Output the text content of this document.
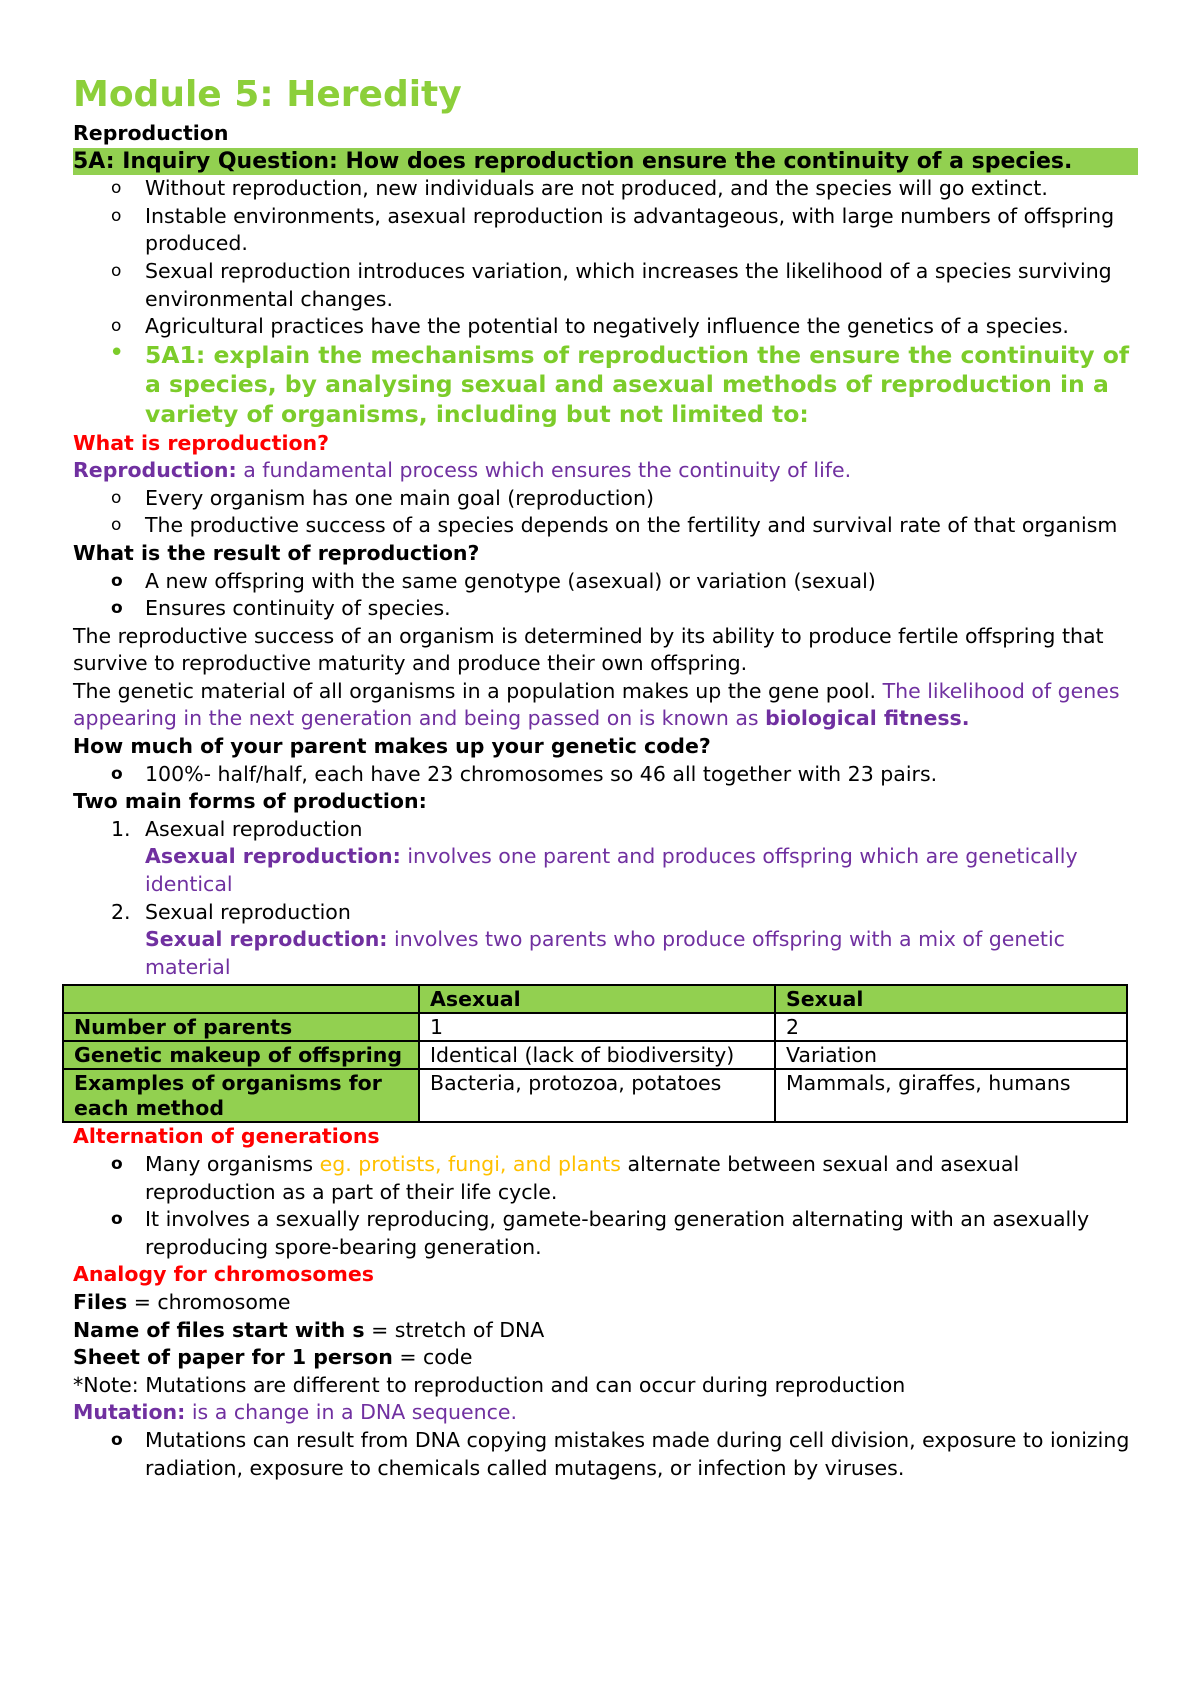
Module 5: Heredity

Reproduction

5A: Inquiry Question: How does reproduction ensure the continuity of a species.

o Without reproduction, new individuals are not produced, and the species will go extinct.
o Instable environments, asexual reproduction is advantageous, with large numbers of offspring produced.
o Sexual reproduction introduces variation, which increases the likelihood of a species surviving environmental changes.
o Agricultural practices have the potential to negatively influence the genetics of a species.
• 5A1: explain the mechanisms of reproduction the ensure the continuity of a species, by analysing sexual and asexual methods of reproduction in a variety of organisms, including but not limited to:

What is reproduction?

Reproduction: a fundamental process which ensures the continuity of life.

o Every organism has one main goal (reproduction)
o The productive success of a species depends on the fertility and survival rate of that organism

What is the result of reproduction?

o A new offspring with the same genotype (asexual) or variation (sexual)
o Ensures continuity of species.

The reproductive success of an organism is determined by its ability to produce fertile offspring that survive to reproductive maturity and produce their own offspring.

The genetic material of all organisms in a population makes up the gene pool. The likelihood of genes appearing in the next generation and being passed on is known as biological fitness.

How much of your parent makes up your genetic code?

o 100%- half/half, each have 23 chromosomes so 46 all together with 23 pairs.

Two main forms of production:

1. Asexual reproduction
Asexual reproduction: involves one parent and produces offspring which are genetically identical
2. Sexual reproduction
Sexual reproduction: involves two parents who produce offspring with a mix of genetic material
	Asexual	Sexual
Number of parents	1	2
Genetic makeup of offspring	Identical (lack of biodiversity)	Variation
Examples of organisms for each method	Bacteria, protozoa, potatoes	Mammals, giraffes, humans

Alternation of generations

o Many organisms eg. protists, fungi, and plants alternate between sexual and asexual reproduction as a part of their life cycle.
o It involves a sexually reproducing, gamete-bearing generation alternating with an asexually reproducing spore-bearing generation.

Analogy for chromosomes

Files = chromosome

Name of files start with s = stretch of DNA

Sheet of paper for 1 person = code

*Note: Mutations are different to reproduction and can occur during reproduction

Mutation: is a change in a DNA sequence.

o Mutations can result from DNA copying mistakes made during cell division, exposure to ionizing radiation, exposure to chemicals called mutagens, or infection by viruses.
